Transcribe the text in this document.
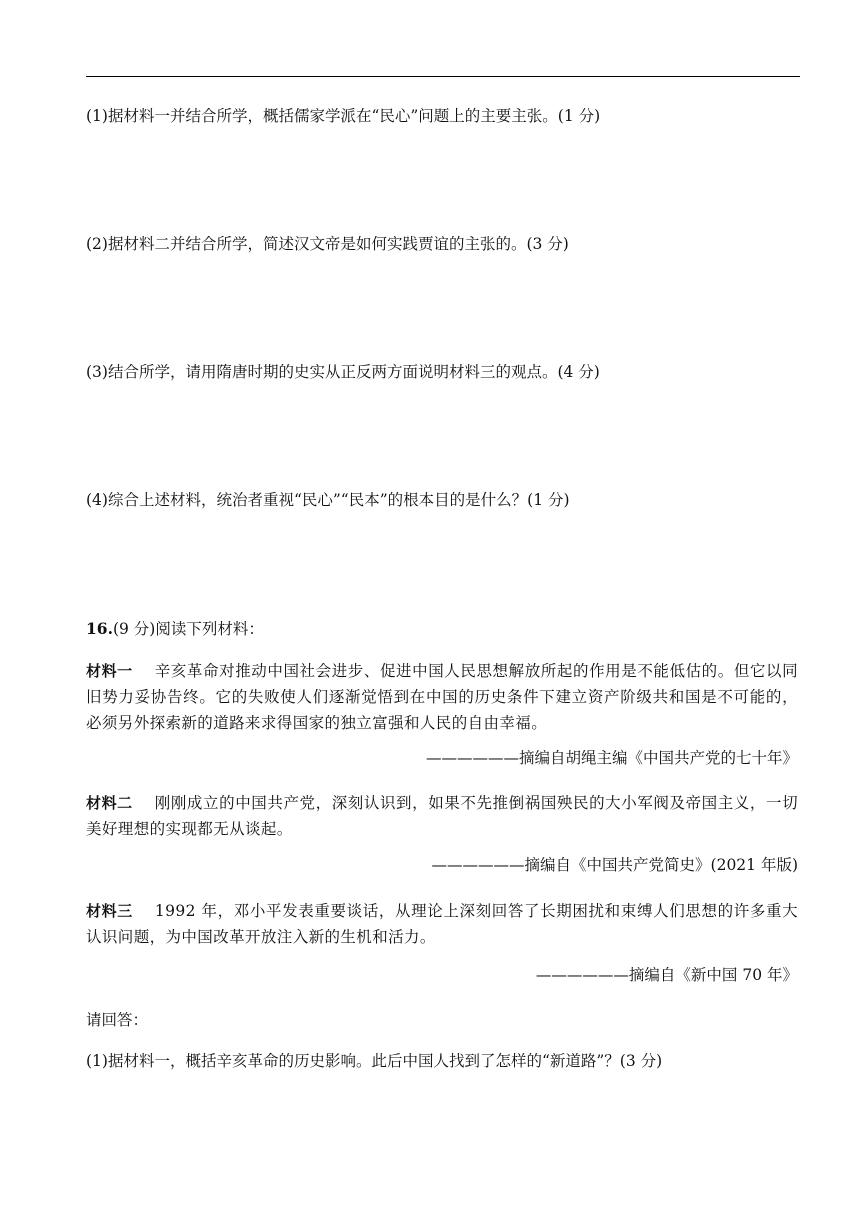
(1)据材料一并结合所学，概括儒家学派在“民心”问题上的主要主张。(1 分)
(2)据材料二并结合所学，简述汉文帝是如何实践贾谊的主张的。(3 分)
(3)结合所学，请用隋唐时期的史实从正反两方面说明材料三的观点。(4 分)
(4)综合上述材料，统治者重视“民心”“民本”的根本目的是什么？(1 分)
16.(9 分)阅读下列材料：
材料一 辛亥革命对推动中国社会进步、促进中国人民思想解放所起的作用是不能低估的。但它以同旧势力妥协告终。它的失败使人们逐渐觉悟到在中国的历史条件下建立资产阶级共和国是不可能的，必须另外探索新的道路来求得国家的独立富强和人民的自由幸福。
——————摘编自胡绳主编《中国共产党的七十年》
材料二 刚刚成立的中国共产党，深刻认识到，如果不先推倒祸国殃民的大小军阀及帝国主义，一切美好理想的实现都无从谈起。
——————摘编自《中国共产党简史》(2021 年版)
材料三 1992 年，邓小平发表重要谈话，从理论上深刻回答了长期困扰和束缚人们思想的许多重大认识问题，为中国改革开放注入新的生机和活力。
——————摘编自《新中国 70 年》
请回答：
(1)据材料一，概括辛亥革命的历史影响。此后中国人找到了怎样的“新道路”？(3 分)
